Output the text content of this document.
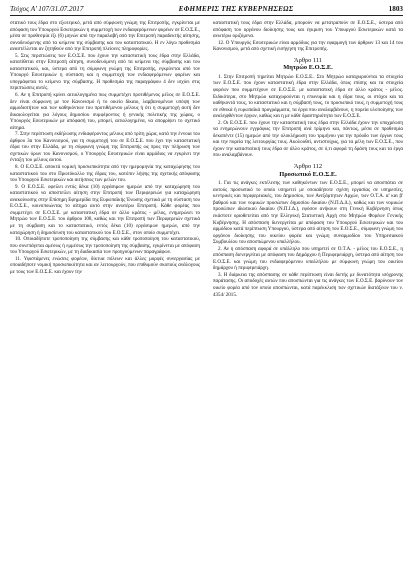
Τεύχος A’ 107/31.07.2017	ΕΦΗΜΕΡΙΣ ΤΗΣ ΚΥΒΕΡΝΗΣΕΩΣ	1803

στατικό τους έδρα στο εξωτερικό, μετά από σύμφωνη γνώμη της Επιτροπής, εγκρίνεται με απόφαση του Υπουργού Εσωτερικών η συμμετοχή των ενδιαφερόμενων φορέων σε Ε.Ο.Σ.Ε., μέσα σε προθεσμία έξι (6) μηνών από την παραλαβή από την Επιτροπή παραδεκτής αίτησης, συνοδευόμενης από τα κείμενα της σύμβασης και του καταστατικού. Η εν λόγω προθεσμία αναστέλλεται αν ζητηθούν από την Επιτροπή πλείονες πληροφορίες.

5. Στις περιπτώσεις των Ε.Ο.Σ.Ε. που έχουν την καταστατική τους έδρα στην Ελλάδα, κατατίθεται στην Επιτροπή αίτηση, συνοδευόμενη από τα κείμενα της σύμβασης και του καταστατικού, και, ύστερα από τη σύμφωνη γνώμη της Επιτροπής, εγκρίνεται από τον Υπουργό Εσωτερικών η σύσταση και η συμμετοχή των ενδιαφερόμενων φορέων και υπογράφεται το κείμενο της σύμβασης. Η προθεσμία της παραγράφου 4 δεν ισχύει στις περιπτώσεις αυτές.

6. Αν η Επιτροπή κρίνει αιτιολογημένα πως συμμετέχει προτιθέμενος μέλος σε Ε.Ο.Σ.Ε. δεν είναι σύμφωνη με τον Κανονισμό ή το οικείο δίκαιο, λαμβανομένων υπόψη των αρμοδιοτήτων και των καθηκόντων του προτιθέμενου μέλους ή ότι η συμμετοχή αυτή δεν δικαιολογείται για λόγους δημοσίου συμφέροντος ή γενικής πολιτικής της χώρας, ο Υπουργός Εσωτερικών με απόφασή του, μπορεί, αιτιολογημένα, να απορρίψει το σχετικό αίτημα.

7. Στην περίπτωση εκδήλωσης ενδιαφέροντος μέλους από τρίτη χώρα, κατά την έννοια του άρθρου 3α του Κανονισμού, για τη συμμετοχή του σε Ε.Ο.Σ.Ε. που έχει την καταστατική έδρα του στην Ελλάδα, με τη σύμφωνη γνώμη της Επιτροπής ως προς την πλήρωση των σχετικών όρων του Κανονισμού, ο Υπουργός Εσωτερικών είναι αρμόδιος να εγκρίνει την ένταξη του μέλους αυτού.

8. Ο Ε.Ο.Σ.Ε. αποκτά νομική προσωπικότητα από την ημερομηνία της καταχώρησης του καταστατικού του στο Πρωτόκολλο της έδρας του, κατόπιν λήψης της σχετικής απόφασης του Υπουργού Εσωτερικών και αιτήσεως των μελών του.

9. Ο Ε.Ο.Σ.Ε. οφείλει εντός δέκα (10) εργάσιμων ημερών από την καταχώρηση του καταστατικού να αποστείλει αίτηση στην Επιτροπή των Περιφερειών για καταχώρηση ανακοίνωσης στην Επίσημη Εφημερίδα της Ευρωπαϊκής Ένωσης σχετικά με τη σύσταση του Ε.Ο.Σ.Ε., κοινοποιώντας το αίτημα αυτό στην ανωτέρω Επιτροπή. Κάθε φορέας που συμμετέχει σε Ε.Ο.Σ.Ε. με καταστατική έδρα σε άλλο κράτος - μέλος, ενημερώνει το Μητρώο των Ε.Ο.Σ.Ε. του άρθρου 108, καθώς και την Επιτροπή των Περιφερειών σχετικά με τη σύμβαση και το καταστατικό, εντός δέκα (10) εργάσιμων ημερών, από την καταχώρηση ή δημοσίευση του καταστατικού του Ε.Ο.Σ.Ε., στον οποίο συμμετέχει.

10. Οποιαδήποτε τροποποίηση της σύμβασης και κάθε τροποποίηση του καταστατικού, που συνεπάγεται αμέσως ή εμμέσως την τροποποίηση της σύμβασης, εγκρίνεται με απόφαση του Υπουργού Εσωτερικών, με τη διαδικασία των προηγούμενων παραγράφων.

11. Υφιστάμενες ενώσεις φορέων, δίκτυα πόλεων και άλλες μορφές συνεργασίας με οποιαδήποτε νομική προσωπικότητα και αν λειτουργούν, που επιθυμούν σκοπούς ανάλογους με τους των Ε.Ο.Σ.Ε. και έχουν την

καταστατική τους έδρα στην Ελλάδα, μπορούν να μετατραπούν σε Ε.Ο.Σ.Ε., ύστερα από απόφαση του οργάνου διοίκησης τους και έγκριση του Υπουργού Εσωτερικών κατά τα ανωτέρω οριζόμενα.

12. Ο Υπουργός Εσωτερικών είναι αρμόδιος για την εφαρμογή των άρθρων 13 και 14 του Κανονισμού, μετά από σχετική εισήγηση της Επιτροπής.

Άρθρο 111
Μητρώο Ε.Ο.Σ.Ε.

1. Στην Επιτροπή τηρείται Μητρώο Ε.Ο.Σ.Ε.. Στο Μητρώο καταχωρούνται τα στοιχεία των Ε.Ο.Σ.Ε. που έχουν καταστατική έδρα στην Ελλάδα, όπως επίσης και τα στοιχεία φορέων που συμμετέχουν σε Ε.Ο.Σ.Ε. με καταστατική έδρα σε άλλο κράτος - μέλος. Ειδικότερα, στο Μητρώο καταχωρούνται η επωνυμία και η έδρα τους, οι στόχοι και τα καθήκοντά τους, το καταστατικό και η σύμβασή τους, το προσωπικό τους, η συμμετοχή τους σε εθνικά ή ευρωπαϊκά προγράμματα, τα έργα που αναλαμβάνουν, η πορεία υλοποίησης των αναληφθέντων έργων, καθώς και η με κάθε δραστηριότητα των Ε.Ο.Σ.Ε.

2. Οι Ε.Ο.Σ.Ε. που έχουν την καταστατική τους έδρα στην Ελλάδα έχουν την υποχρέωση να ενημερώνουν εγγράφως την Επιτροπή ανά τρίμηνο και, πάντως, μέσα σε προθεσμία δεκαπέντε (15) ημερών από την ολοκλήρωση του τριμήνου για την πρόοδο των έργων τους και την πορεία της λειτουργίας τους. Ακολουθεί, αντιστοίχως, για τα μέλη των Ε.Ο.Σ.Ε., που έχουν την καταστατική τους έδρα σε άλλο κράτος, σε ό,τι αφορά τη δράση τους και τα έργα που αναλαμβάνουν.

Άρθρο 112
Προσωπικό Ε.Ο.Σ.Ε.

1. Για τις ανάγκες εκτέλεσης των καθηκόντων των Ε.Ο.Σ.Ε., μπορεί να αποσπάται σε αυτούς προσωπικό το οποίο υπηρετεί με οποιαδήποτε σχέση εργασίας σε υπηρεσίες, κεντρικές και περιφερειακές, του Δημοσίου, των Ανεξάρτητων Αρχών, των Ο.Τ.Α. α' και β' βαθμού και των νομικών προσώπων δημοσίου δικαίου (Ν.Π.Δ.Δ.), καθώς και των νομικών προσώπων ιδιωτικού δικαίου (Ν.Π.Ι.Δ.), εφόσον ανήκουν στη Γενική Κυβέρνηση όπως εκάστοτε οριοθετείται από την Ελληνική Στατιστική Αρχή στο Μητρώο Φορέων Γενικής Κυβέρνησης. Η απόσπαση διενεργείται με απόφαση του Υπουργού Εσωτερικών και του αρμόδιου κατά περίπτωση Υπουργού, ύστερα από αίτηση του Ε.Ο.Σ.Ε., σύμφωνη γνώμη του οργάνου διοίκησης του οικείου φορέα και γνώμη συναρμοδίου του Υπηρεσιακού Συμβουλίου του αποσπώμενου υπαλλήλου.

2. Αν η απόσπαση αφορά σε υπάλληλο που υπηρετεί σε Ο.Τ.Α. - μέλος του Ε.Ο.Σ.Ε., η απόσπαση διενεργείται με απόφαση του Δημάρχου ή Περιφερειάρχη, ύστερα από αίτηση του Ε.Ο.Σ.Ε. και γνώμη του ενδιαφερόμενου υπαλλήλου με σύμφωνη γνώμη του οικείου δημάρχου ή περιφερειάρχη.

3. Η διάρκεια της απόσπασης σε κάθε περίπτωση είναι διετής με δυνατότητα ισόχρονης παράτασης. Οι αποδοχές αυτών που αποσπώνται για τις ανάγκες των Ε.Ο.Σ.Ε. βαρύνουν τον οικείο φορέα από τον οποίο αποσπώνται, κατά παρέκκλιση των σχετικών διατάξεων του ν. 4354/ 2015.
